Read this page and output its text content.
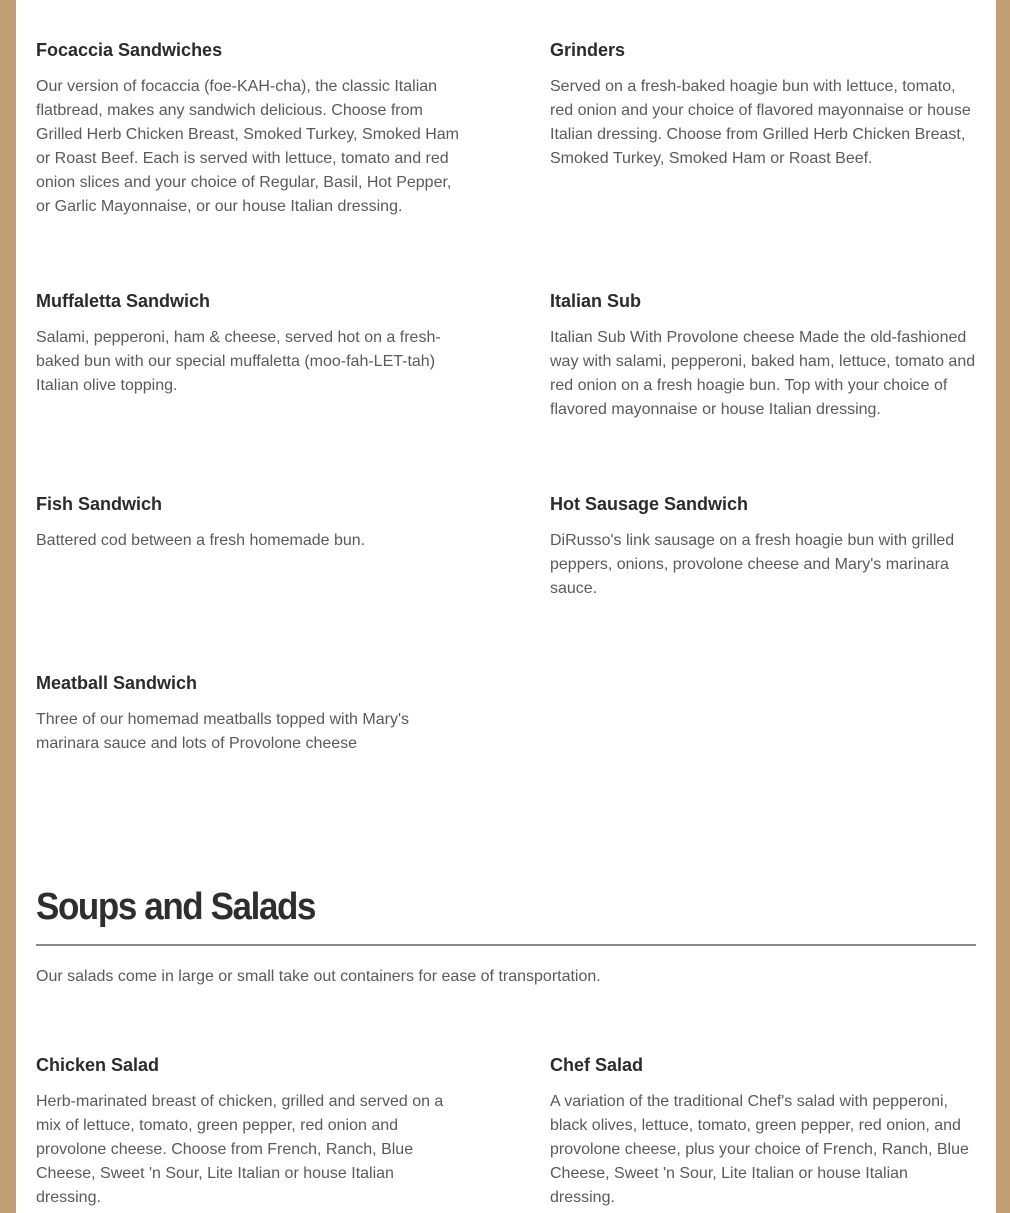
Focaccia Sandwiches

Our version of focaccia (foe-KAH-cha), the classic Italian flatbread, makes any sandwich delicious. Choose from Grilled Herb Chicken Breast, Smoked Turkey, Smoked Ham or Roast Beef. Each is served with lettuce, tomato and red onion slices and your choice of Regular, Basil, Hot Pepper, or Garlic Mayonnaise, or our house Italian dressing.

Grinders

Served on a fresh-baked hoagie bun with lettuce, tomato, red onion and your choice of flavored mayonnaise or house Italian dressing. Choose from Grilled Herb Chicken Breast, Smoked Turkey, Smoked Ham or Roast Beef.

Muffaletta Sandwich

Salami, pepperoni, ham & cheese, served hot on a fresh-baked bun with our special muffaletta (moo-fah-LET-tah) Italian olive topping.

Italian Sub

Italian Sub With Provolone cheese Made the old-fashioned way with salami, pepperoni, baked ham, lettuce, tomato and red onion on a fresh hoagie bun. Top with your choice of flavored mayonnaise or house Italian dressing.

Fish Sandwich

Battered cod between a fresh homemade bun.

Hot Sausage Sandwich

DiRusso's link sausage on a fresh hoagie bun with grilled peppers, onions, provolone cheese and Mary's marinara sauce.

Meatball Sandwich

Three of our homemad meatballs topped with Mary's marinara sauce and lots of Provolone cheese

Soups and Salads

Our salads come in large or small take out containers for ease of transportation.

Chicken Salad

Herb-marinated breast of chicken, grilled and served on a mix of lettuce, tomato, green pepper, red onion and provolone cheese. Choose from French, Ranch, Blue Cheese, Sweet 'n Sour, Lite Italian or house Italian dressing.

Chef Salad

A variation of the traditional Chef's salad with pepperoni, black olives, lettuce, tomato, green pepper, red onion, and provolone cheese, plus your choice of French, Ranch, Blue Cheese, Sweet 'n Sour, Lite Italian or house Italian dressing.
